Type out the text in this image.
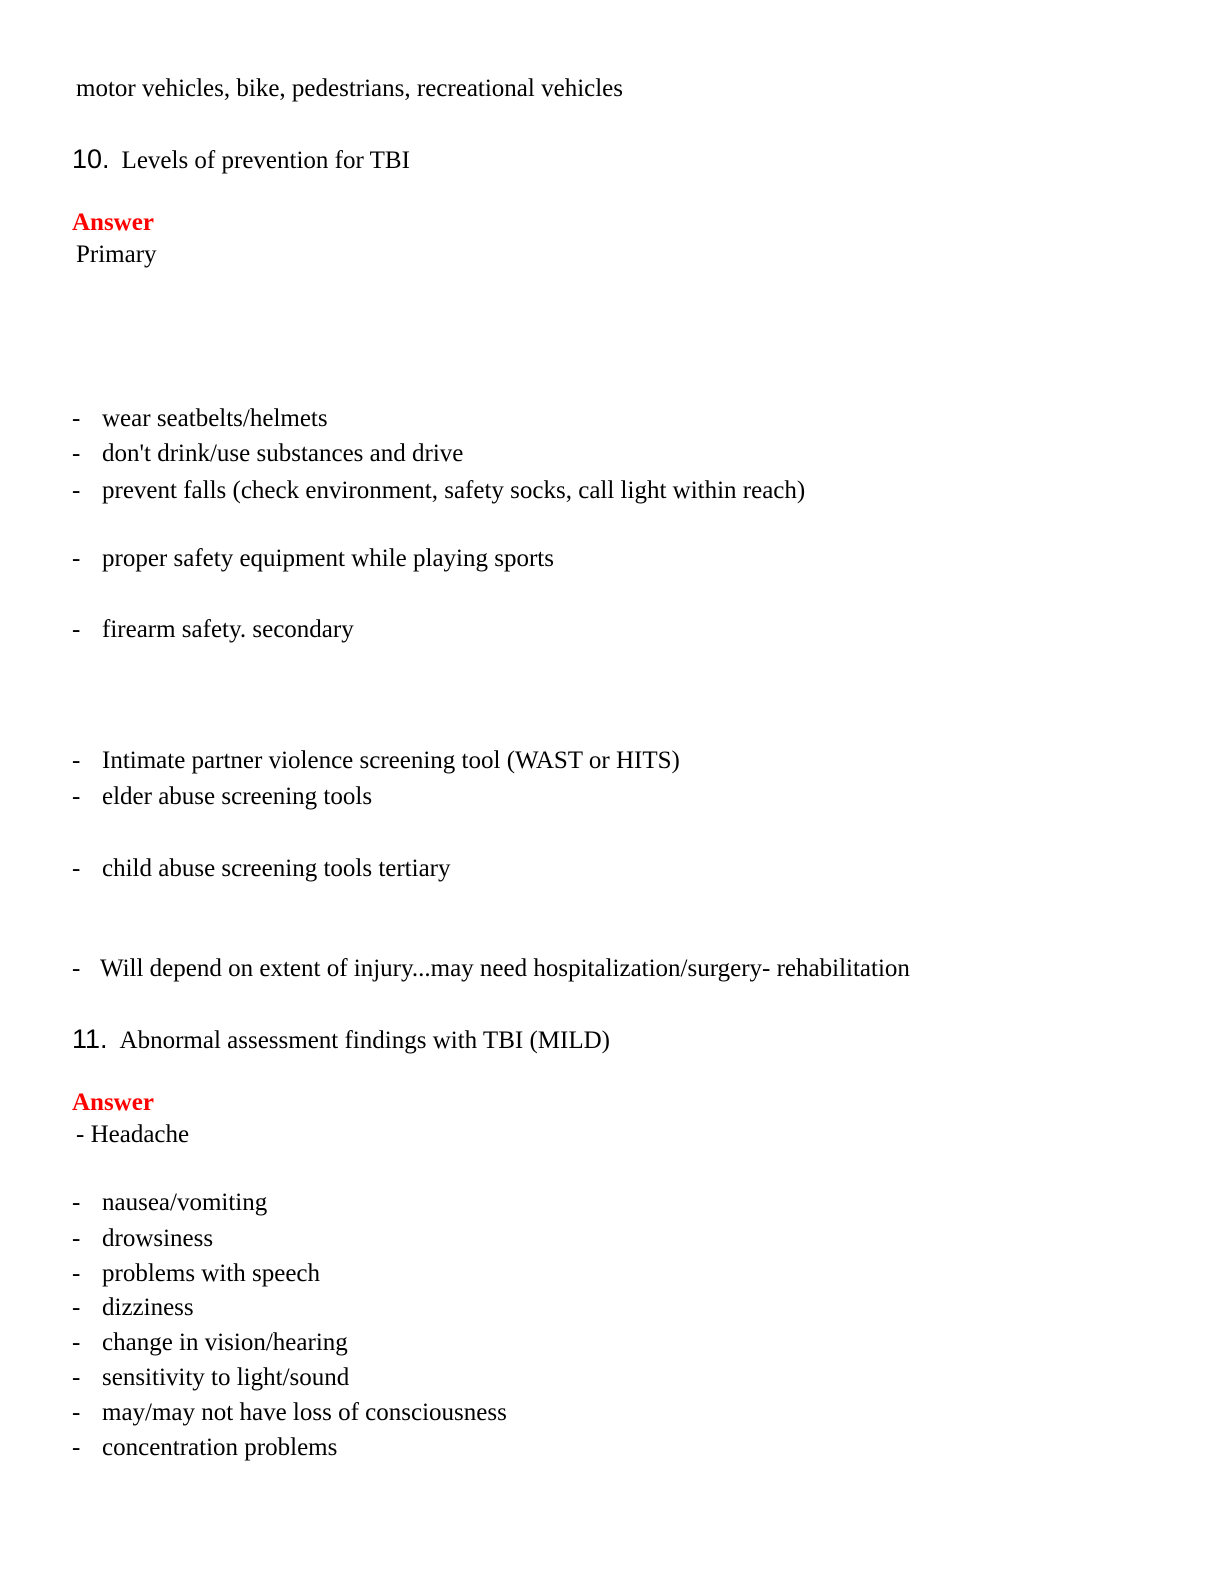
motor vehicles, bike, pedestrians, recreational vehicles
10. Levels of prevention for TBI
Answer
Primary
- wear seatbelts/helmets
- don't drink/use substances and drive
- prevent falls (check environment, safety socks, call light within reach)
- proper safety equipment while playing sports
- firearm safety. secondary
- Intimate partner violence screening tool (WAST or HITS)
- elder abuse screening tools
- child abuse screening tools tertiary
- Will depend on extent of injury...may need hospitalization/surgery- rehabilitation
11. Abnormal assessment findings with TBI (MILD)
Answer
- Headache
- nausea/vomiting
- drowsiness
- problems with speech
- dizziness
- change in vision/hearing
- sensitivity to light/sound
- may/may not have loss of consciousness
- concentration problems
